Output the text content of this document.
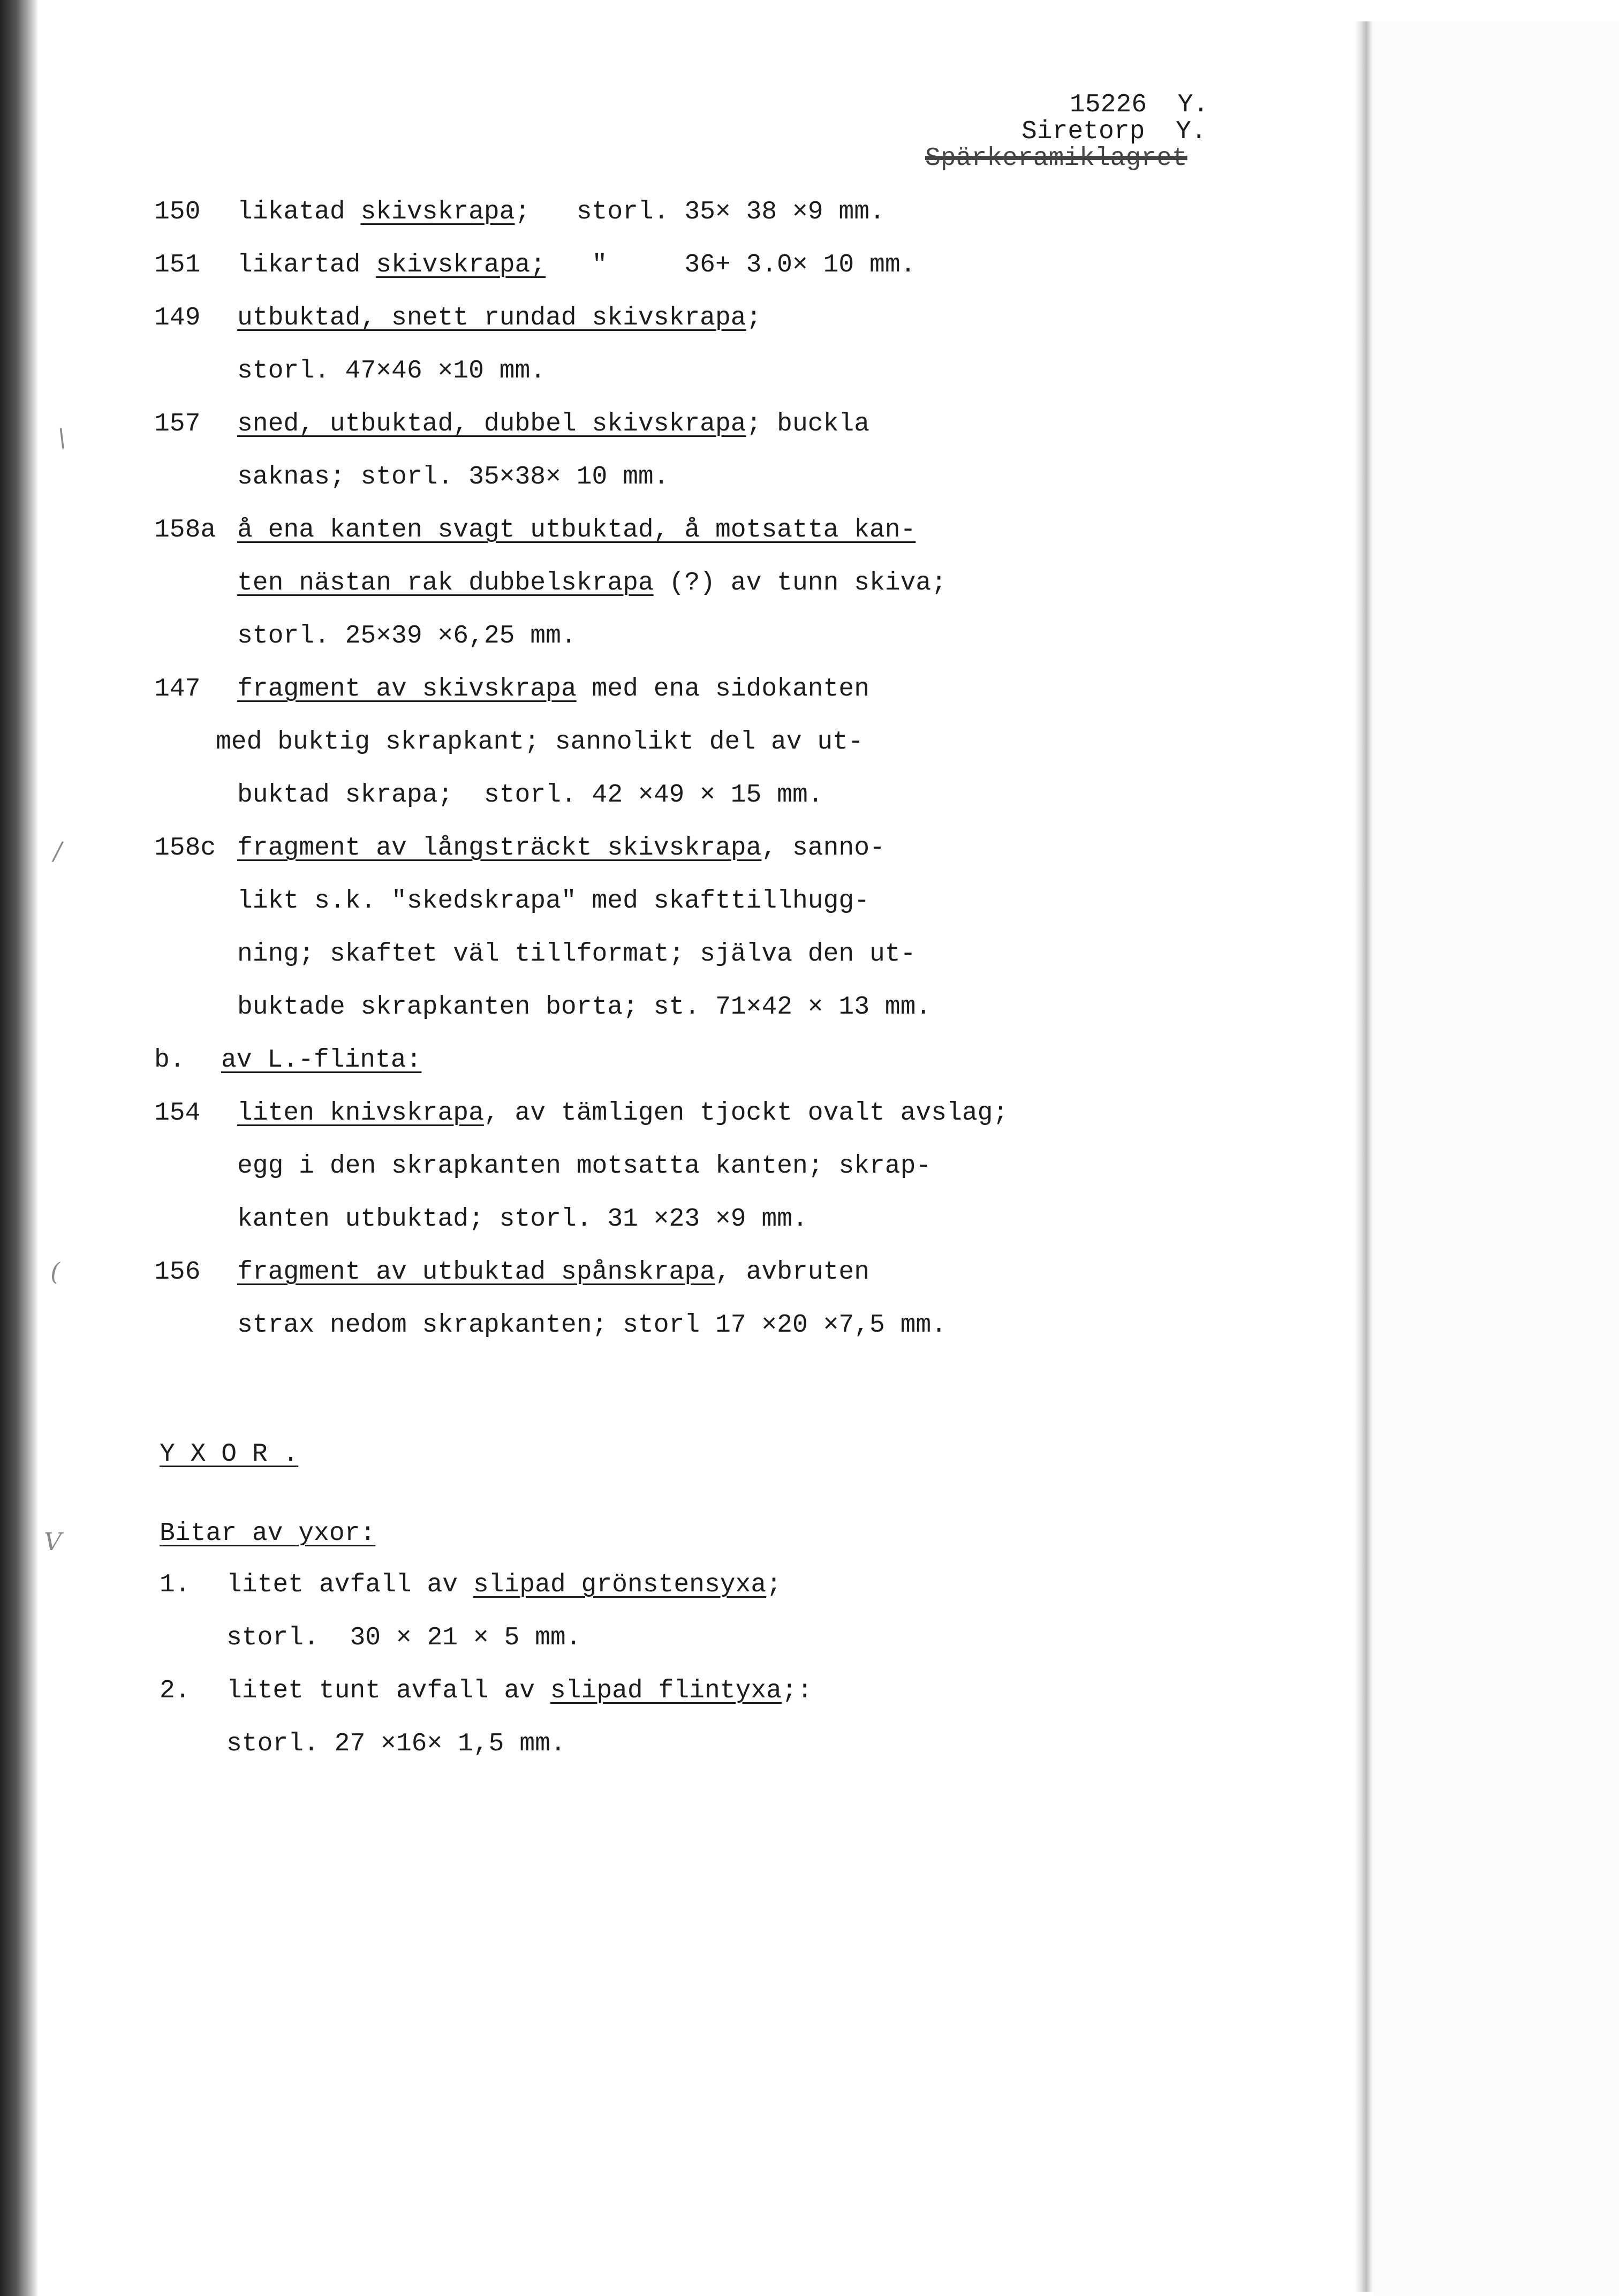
15226  Y.
Siretorp  Y.
Spärkeramiklagret
150 likatad skivskrapa;   storl. 35× 38 ×9 mm.
151 likartad skivskrapa;   "     36+ 3.0× 10 mm.
149 utbuktad, snett rundad skivskrapa;
storl. 47×46 ×10 mm.
157 sned, utbuktad, dubbel skivskrapa; buckla
saknas; storl. 35×38× 10 mm.
158a å ena kanten svagt utbuktad, å motsatta kan-
ten nästan rak dubbelskrapa (?) av tunn skiva;
storl. 25×39 ×6,25 mm.
147 fragment av skivskrapa med ena sidokanten
med buktig skrapkant; sannolikt del av ut-
buktad skrapa;  storl. 42 ×49 × 15 mm.
158c fragment av långsträckt skivskrapa, sanno-
likt s.k. "skedskrapa" med skafttillhugg-
ning; skaftet väl tillformat; själva den ut-
buktade skrapkanten borta; st. 71×42 × 13 mm.
b. av L.-flinta:
154 liten knivskrapa, av tämligen tjockt ovalt avslag;
egg i den skrapkanten motsatta kanten; skrap-
kanten utbuktad; storl. 31 ×23 ×9 mm.
156 fragment av utbuktad spånskrapa, avbruten
strax nedom skrapkanten; storl 17 ×20 ×7,5 mm.
Y X O R .
Bitar av yxor:
1. litet avfall av slipad grönstensyxa;
storl.  30 × 21 × 5 mm.
2. litet tunt avfall av slipad flintyxa;:
storl. 27 ×16× 1,5 mm.
\
/
(
V
